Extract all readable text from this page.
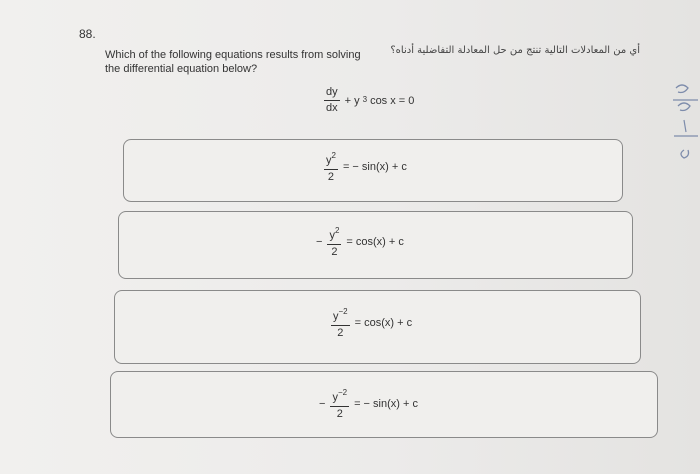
88.
Which of the following equations results from solving the differential equation below?
أي من المعادلات التالية تنتج من حل المعادلة التفاضلية أدناه؟
$\frac{dy}{dx} + y$ $^3$ cos x = 0
$\frac{y^2}{2}$ = − sin(x) + c
− $\frac{y^2}{2} = \cos(x) + c$
$\frac{y^{-2}}{2} = \cos(x) + c$
− $\frac{y^{-2}}{2}$ = − sin(x) + c
